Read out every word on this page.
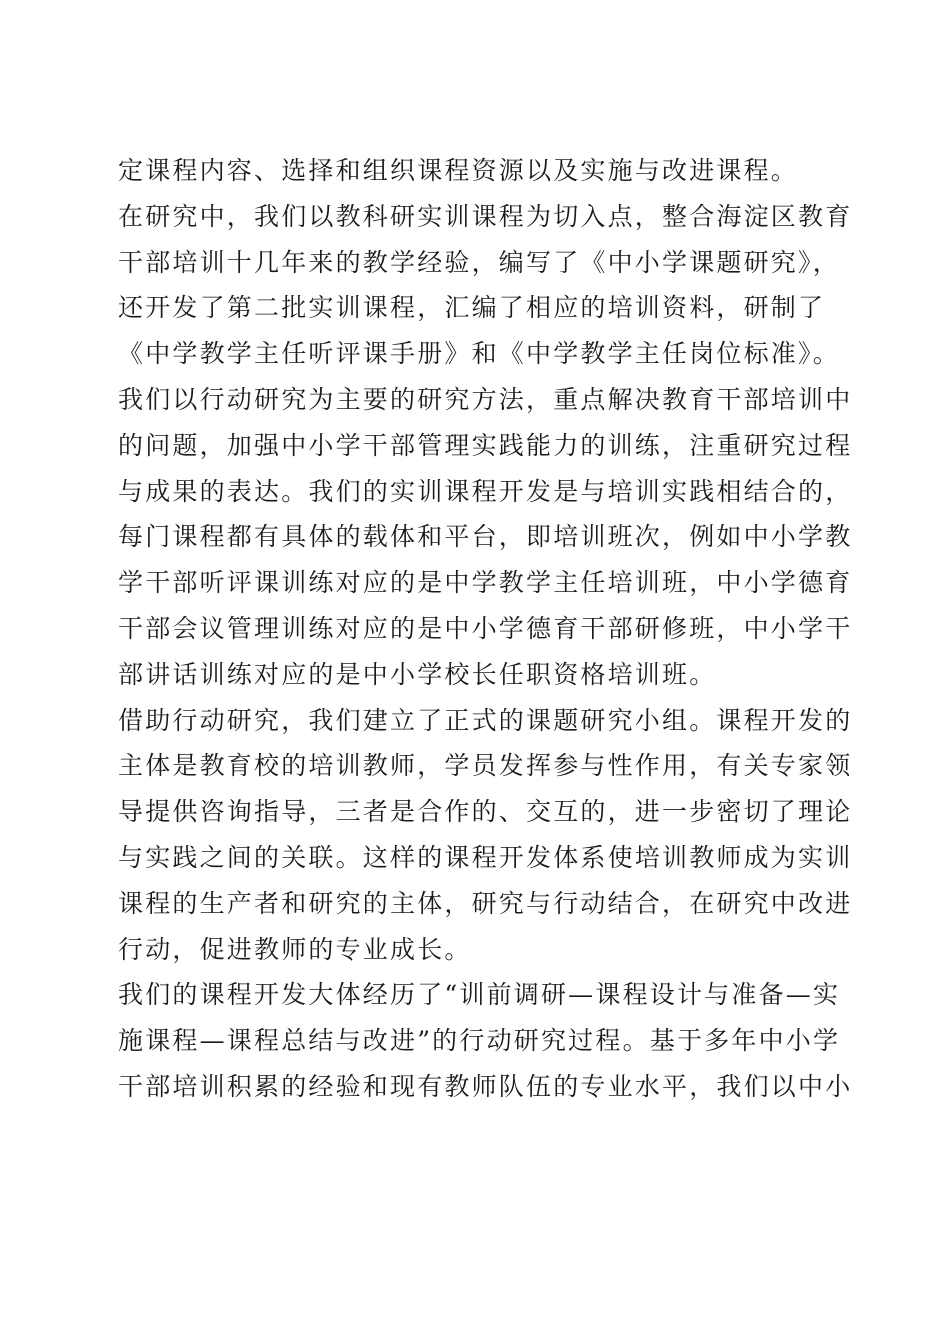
定课程内容、选择和组织课程资源以及实施与改进课程。
在研究中，我们以教科研实训课程为切入点，整合海淀区教育
干部培训十几年来的教学经验，编写了《中小学课题研究》，
还开发了第二批实训课程，汇编了相应的培训资料，研制了
《中学教学主任听评课手册》和《中学教学主任岗位标准》。
我们以行动研究为主要的研究方法，重点解决教育干部培训中
的问题，加强中小学干部管理实践能力的训练，注重研究过程
与成果的表达。我们的实训课程开发是与培训实践相结合的，
每门课程都有具体的载体和平台，即培训班次，例如中小学教
学干部听评课训练对应的是中学教学主任培训班，中小学德育
干部会议管理训练对应的是中小学德育干部研修班，中小学干
部讲话训练对应的是中小学校长任职资格培训班。
借助行动研究，我们建立了正式的课题研究小组。课程开发的
主体是教育校的培训教师，学员发挥参与性作用，有关专家领
导提供咨询指导，三者是合作的、交互的，进一步密切了理论
与实践之间的关联。这样的课程开发体系使培训教师成为实训
课程的生产者和研究的主体，研究与行动结合，在研究中改进
行动，促进教师的专业成长。
我们的课程开发大体经历了“训前调研—课程设计与准备—实
施课程—课程总结与改进”的行动研究过程。基于多年中小学
干部培训积累的经验和现有教师队伍的专业水平，我们以中小
